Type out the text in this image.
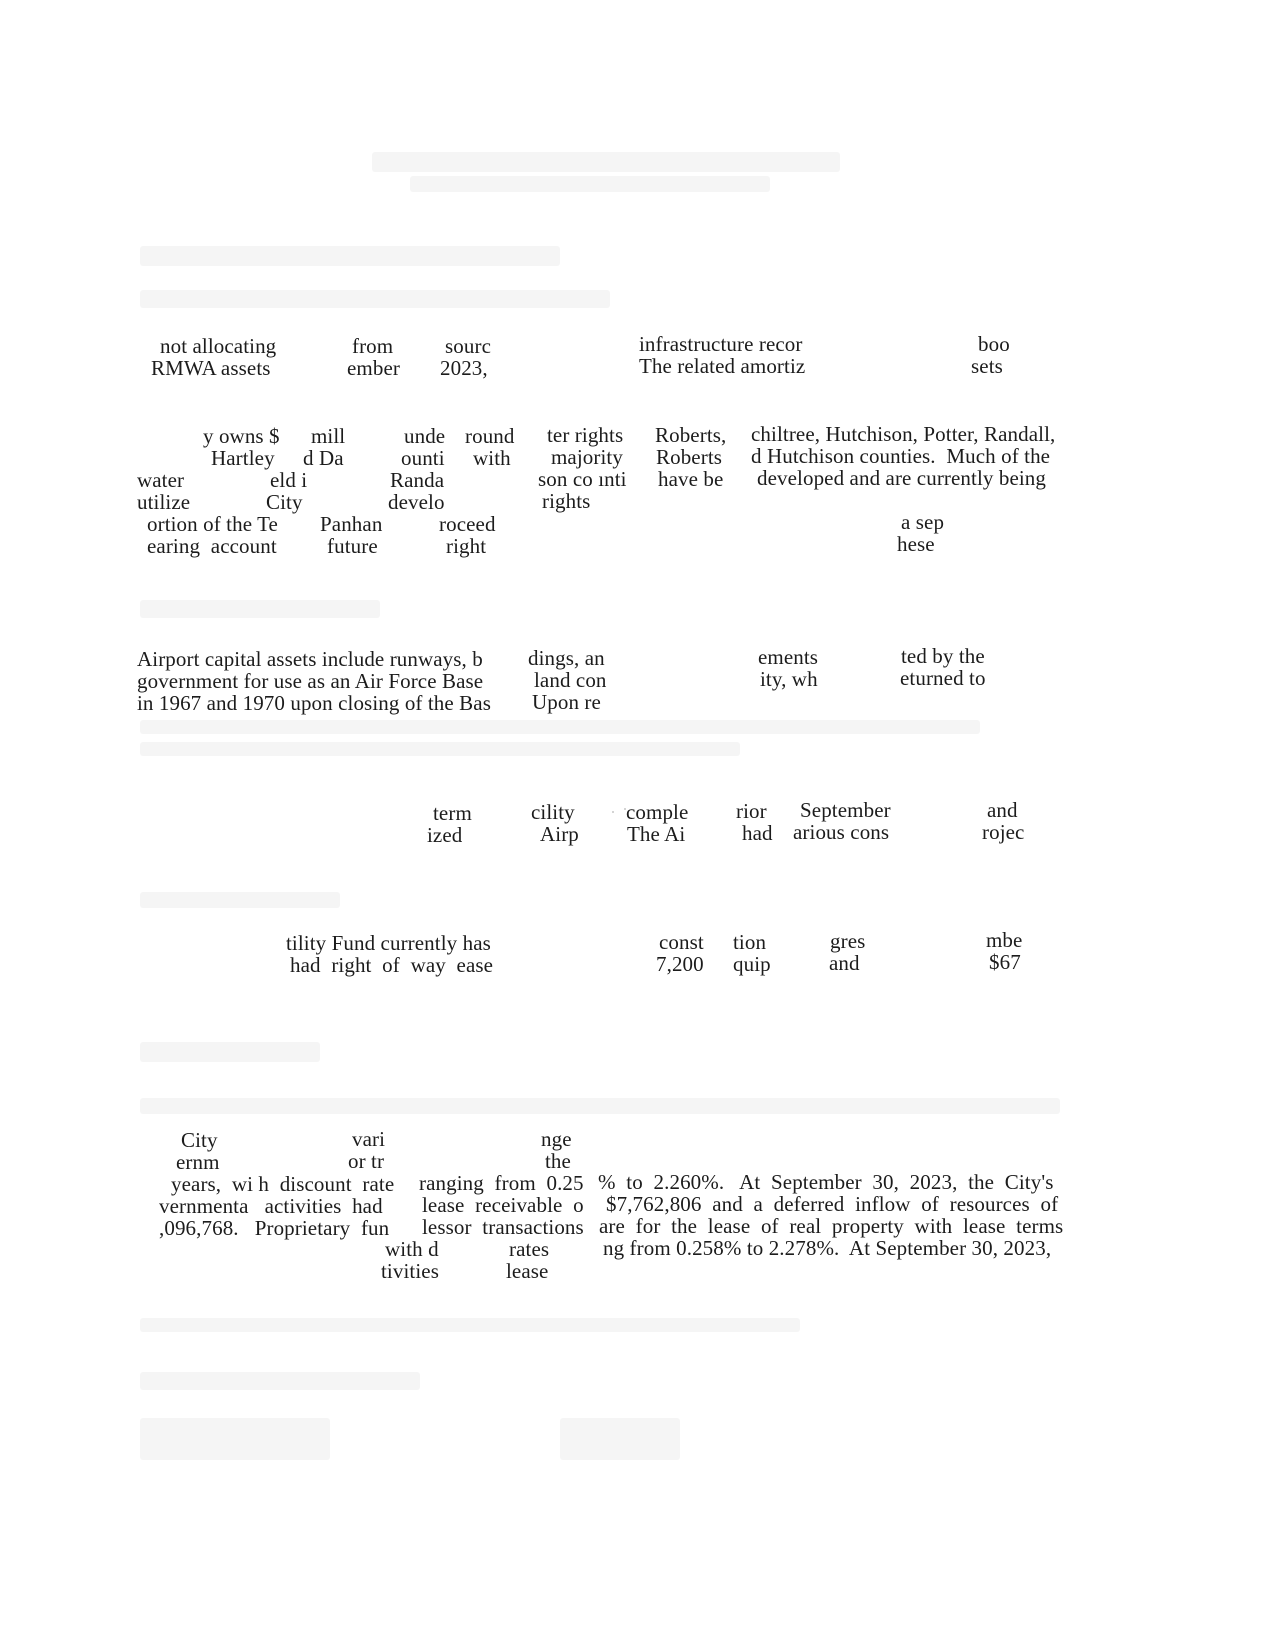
not allocating	from sourc	infrastructure recor	boo
RMWA assets	ember 2023,	The related amortiz	sets
y owns $ mill	unde round ter rights Roberts, chiltree, Hutchison, Potter, Randall,
Hartley d Da	ounti with majority Roberts d Hutchison counties.  Much of the
water	eld i	Randa	son co ınti have be developed and are currently being
utilize	City	develo	rights
ortion of the Te Panhan	roceed	a sep
earing  account future	right	hese
Airport capital assets include runways, b dings, an	ements	ted by the
government for use as an Air Force Base land con	ity, wh	eturned to
in 1967 and 1970 upon closing of the Bas Upon re
term	cility comple rior September	and
ized	Airp The Ai	had arious cons	rojec
tility Fund currently has	const tion	gres	mbe
had  right  of  way  ease	7,200 quip	and	$67
City	vari	nge
ernm	or tr	the
years,  wi h  discount  rate ranging  from  0.25 %  to  2.260%.   At  September  30,  2023,  the  City's
vernmenta   activities  had lease  receivable  o $7,762,806  and  a  deferred  inflow  of  resources  of
,096,768.   Proprietary  fun lessor  transactions are  for  the  lease  of  real  property  with  lease  terms
with d	rates	ng from 0.258% to 2.278%.  At September 30, 2023,
tivities	lease
